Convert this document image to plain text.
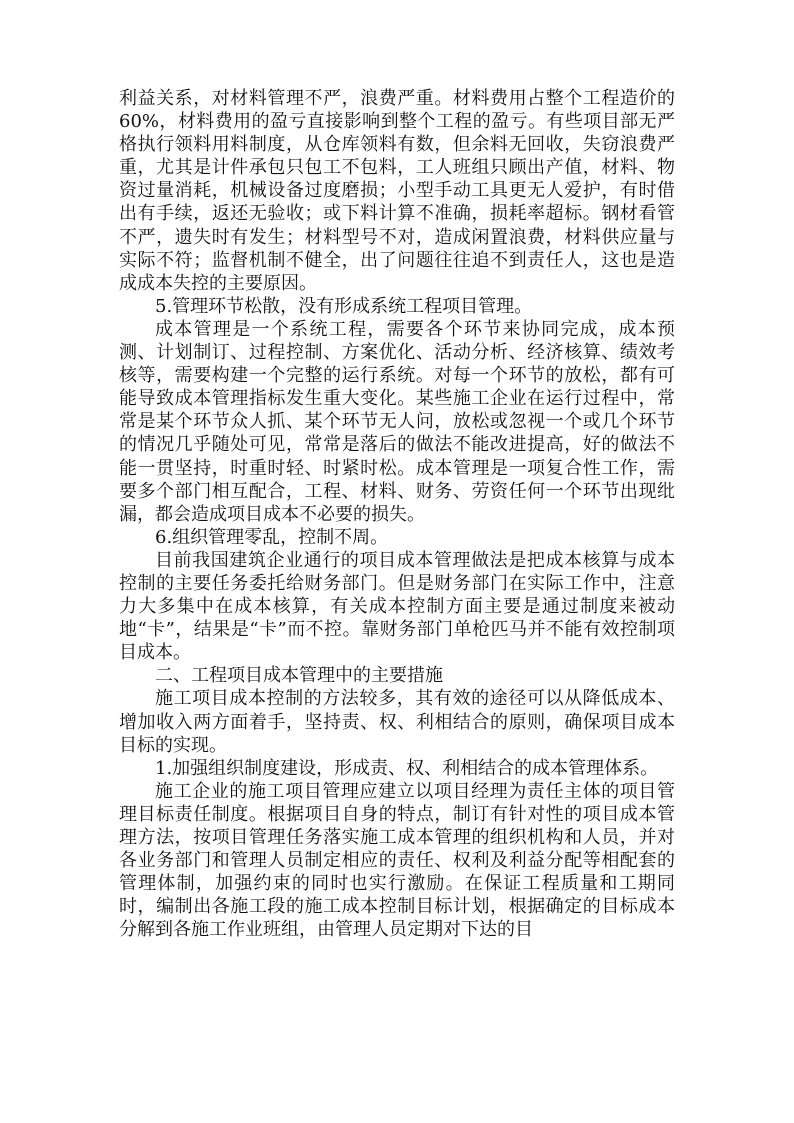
利益关系，对材料管理不严，浪费严重。材料费用占整个工程造价的60%，材料费用的盈亏直接影响到整个工程的盈亏。有些项目部无严格执行领料用料制度，从仓库领料有数，但余料无回收，失窃浪费严重，尤其是计件承包只包工不包料，工人班组只顾出产值，材料、物资过量消耗，机械设备过度磨损；小型手动工具更无人爱护，有时借出有手续，返还无验收；或下料计算不准确，损耗率超标。钢材看管不严，遗失时有发生；材料型号不对，造成闲置浪费，材料供应量与实际不符；监督机制不健全，出了问题往往追不到责任人，这也是造成成本失控的主要原因。

5.管理环节松散，没有形成系统工程项目管理。

成本管理是一个系统工程，需要各个环节来协同完成，成本预测、计划制订、过程控制、方案优化、活动分析、经济核算、绩效考核等，需要构建一个完整的运行系统。对每一个环节的放松，都有可能导致成本管理指标发生重大变化。某些施工企业在运行过程中，常常是某个环节众人抓、某个环节无人问，放松或忽视一个或几个环节的情况几乎随处可见，常常是落后的做法不能改进提高，好的做法不能一贯坚持，时重时轻、时紧时松。成本管理是一项复合性工作，需要多个部门相互配合，工程、材料、财务、劳资任何一个环节出现纰漏，都会造成项目成本不必要的损失。

6.组织管理零乱，控制不周。

目前我国建筑企业通行的项目成本管理做法是把成本核算与成本控制的主要任务委托给财务部门。但是财务部门在实际工作中，注意力大多集中在成本核算，有关成本控制方面主要是通过制度来被动地“卡”，结果是“卡”而不控。靠财务部门单枪匹马并不能有效控制项目成本。

二、工程项目成本管理中的主要措施

施工项目成本控制的方法较多，其有效的途径可以从降低成本、增加收入两方面着手，坚持责、权、利相结合的原则，确保项目成本目标的实现。

1.加强组织制度建设，形成责、权、利相结合的成本管理体系。

施工企业的施工项目管理应建立以项目经理为责任主体的项目管理目标责任制度。根据项目自身的特点，制订有针对性的项目成本管理方法，按项目管理任务落实施工成本管理的组织机构和人员，并对各业务部门和管理人员制定相应的责任、权利及利益分配等相配套的管理体制，加强约束的同时也实行激励。在保证工程质量和工期同时，编制出各施工段的施工成本控制目标计划，根据确定的目标成本分解到各施工作业班组，由管理人员定期对下达的目
